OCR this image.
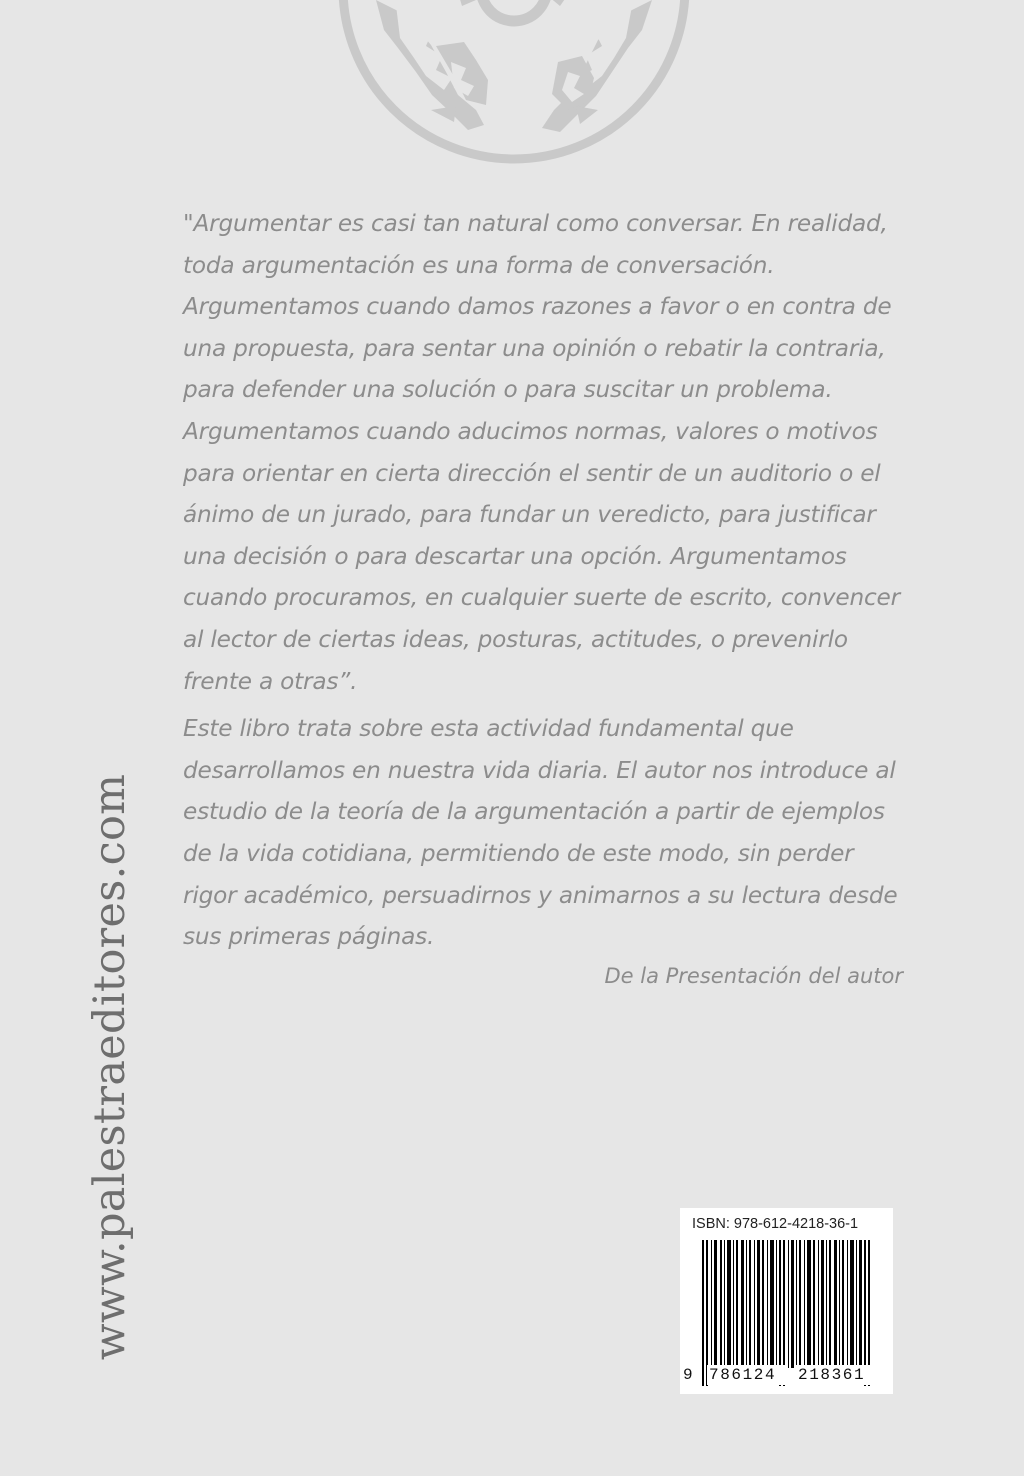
"Argumentar es casi tan natural como conversar. En realidad, toda argumentación es una forma de conversación. Argumentamos cuando damos razones a favor o en contra de una propuesta, para sentar una opinión o rebatir la contraria, para defender una solución o para suscitar un problema. Argumentamos cuando aducimos normas, valores o motivos para orientar en cierta dirección el sentir de un auditorio o el ánimo de un jurado, para fundar un veredicto, para justificar una decisión o para descartar una opción. Argumentamos cuando procuramos, en cualquier suerte de escrito, convencer al lector de ciertas ideas, posturas, actitudes, o prevenirlo frente a otras”.

Este libro trata sobre esta actividad fundamental que desarrollamos en nuestra vida diaria. El autor nos introduce al estudio de la teoría de la argumentación a partir de ejemplos de la vida cotidiana, permitiendo de este modo, sin perder rigor académico, persuadirnos y animarnos a su lectura desde sus primeras páginas.

De la Presentación del autor
www.palestraeditores.com	ISBN: 978-612-4218-36-1
9 786124	218361
